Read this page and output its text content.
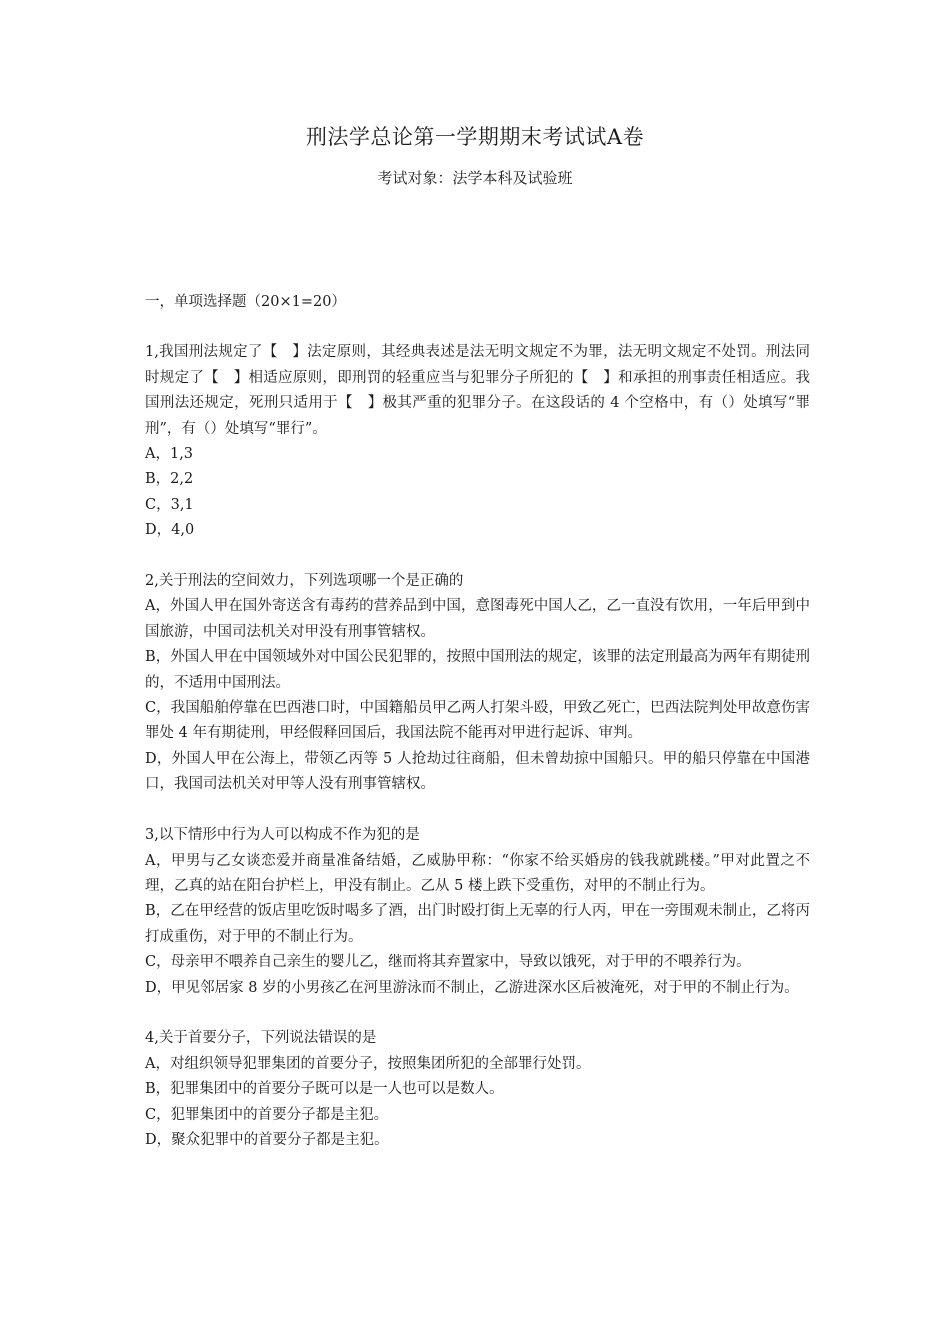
刑法学总论第一学期期末考试试A卷
考试对象：法学本科及试验班

一，单项选择题（20×1=20）

1,我国刑法规定了【　】法定原则，其经典表述是法无明文规定不为罪，法无明文规定不处罚。刑法同时规定了【　】相适应原则，即刑罚的轻重应当与犯罪分子所犯的【　】和承担的刑事责任相适应。我国刑法还规定，死刑只适用于【　】极其严重的犯罪分子。在这段话的 4 个空格中，有（）处填写“罪刑”，有（）处填写“罪行”。

A，1,3

B，2,2

C，3,1

D，4,0

2,关于刑法的空间效力，下列选项哪一个是正确的

A，外国人甲在国外寄送含有毒药的营养品到中国，意图毒死中国人乙，乙一直没有饮用，一年后甲到中国旅游，中国司法机关对甲没有刑事管辖权。

B，外国人甲在中国领域外对中国公民犯罪的，按照中国刑法的规定，该罪的法定刑最高为两年有期徒刑的，不适用中国刑法。

C，我国船舶停靠在巴西港口时，中国籍船员甲乙两人打架斗殴，甲致乙死亡，巴西法院判处甲故意伤害罪处 4 年有期徒刑，甲经假释回国后，我国法院不能再对甲进行起诉、审判。

D，外国人甲在公海上，带领乙丙等 5 人抢劫过往商船，但未曾劫掠中国船只。甲的船只停靠在中国港口，我国司法机关对甲等人没有刑事管辖权。

3,以下情形中行为人可以构成不作为犯的是

A，甲男与乙女谈恋爱并商量准备结婚，乙威胁甲称：“你家不给买婚房的钱我就跳楼。”甲对此置之不理，乙真的站在阳台护栏上，甲没有制止。乙从 5 楼上跌下受重伤，对甲的不制止行为。

B，乙在甲经营的饭店里吃饭时喝多了酒，出门时殴打街上无辜的行人丙，甲在一旁围观未制止，乙将丙打成重伤，对于甲的不制止行为。

C，母亲甲不喂养自己亲生的婴儿乙，继而将其弃置家中，导致以饿死，对于甲的不喂养行为。

D，甲见邻居家 8 岁的小男孩乙在河里游泳而不制止，乙游进深水区后被淹死，对于甲的不制止行为。

4,关于首要分子，下列说法错误的是

A，对组织领导犯罪集团的首要分子，按照集团所犯的全部罪行处罚。

B，犯罪集团中的首要分子既可以是一人也可以是数人。

C，犯罪集团中的首要分子都是主犯。

D，聚众犯罪中的首要分子都是主犯。
